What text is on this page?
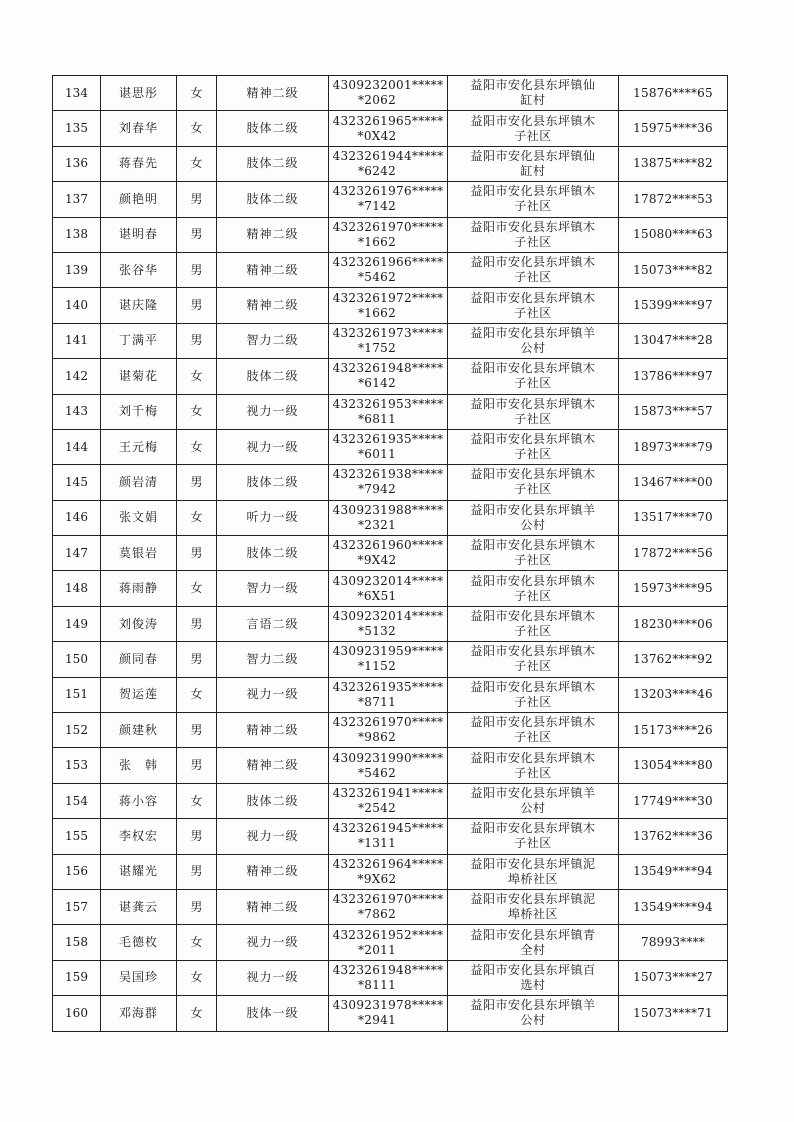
134	谌思彤	女	精神二级	4309232001*****
*2062	益阳市安化县东坪镇仙
缸村	15876****65
135	刘春华	女	肢体二级	4323261965*****
*0X42	益阳市安化县东坪镇木
子社区	15975****36
136	蒋春先	女	肢体二级	4323261944*****
*6242	益阳市安化县东坪镇仙
缸村	13875****82
137	颜艳明	男	肢体二级	4323261976*****
*7142	益阳市安化县东坪镇木
子社区	17872****53
138	谌明春	男	精神二级	4323261970*****
*1662	益阳市安化县东坪镇木
子社区	15080****63
139	张谷华	男	精神二级	4323261966*****
*5462	益阳市安化县东坪镇木
子社区	15073****82
140	谌庆隆	男	精神二级	4323261972*****
*1662	益阳市安化县东坪镇木
子社区	15399****97
141	丁满平	男	智力二级	4323261973*****
*1752	益阳市安化县东坪镇羊
公村	13047****28
142	谌菊花	女	肢体二级	4323261948*****
*6142	益阳市安化县东坪镇木
子社区	13786****97
143	刘千梅	女	视力一级	4323261953*****
*6811	益阳市安化县东坪镇木
子社区	15873****57
144	王元梅	女	视力一级	4323261935*****
*6011	益阳市安化县东坪镇木
子社区	18973****79
145	颜岩清	男	肢体二级	4323261938*****
*7942	益阳市安化县东坪镇木
子社区	13467****00
146	张文娟	女	听力一级	4309231988*****
*2321	益阳市安化县东坪镇羊
公村	13517****70
147	莫银岩	男	肢体二级	4323261960*****
*9X42	益阳市安化县东坪镇木
子社区	17872****56
148	蒋雨静	女	智力一级	4309232014*****
*6X51	益阳市安化县东坪镇木
子社区	15973****95
149	刘俊涛	男	言语二级	4309232014*****
*5132	益阳市安化县东坪镇木
子社区	18230****06
150	颜同春	男	智力二级	4309231959*****
*1152	益阳市安化县东坪镇木
子社区	13762****92
151	贺运莲	女	视力一级	4323261935*****
*8711	益阳市安化县东坪镇木
子社区	13203****46
152	颜建秋	男	精神二级	4323261970*****
*9862	益阳市安化县东坪镇木
子社区	15173****26
153	张　韩	男	精神二级	4309231990*****
*5462	益阳市安化县东坪镇木
子社区	13054****80
154	蒋小容	女	肢体二级	4323261941*****
*2542	益阳市安化县东坪镇羊
公村	17749****30
155	李权宏	男	视力一级	4323261945*****
*1311	益阳市安化县东坪镇木
子社区	13762****36
156	谌耀光	男	精神二级	4323261964*****
*9X62	益阳市安化县东坪镇泥
埠桥社区	13549****94
157	谌龚云	男	精神二级	4323261970*****
*7862	益阳市安化县东坪镇泥
埠桥社区	13549****94
158	毛德枚	女	视力一级	4323261952*****
*2011	益阳市安化县东坪镇青
全村	78993****
159	吴国珍	女	视力一级	4323261948*****
*8111	益阳市安化县东坪镇百
选村	15073****27
160	邓海群	女	肢体一级	4309231978*****
*2941	益阳市安化县东坪镇羊
公村	15073****71
